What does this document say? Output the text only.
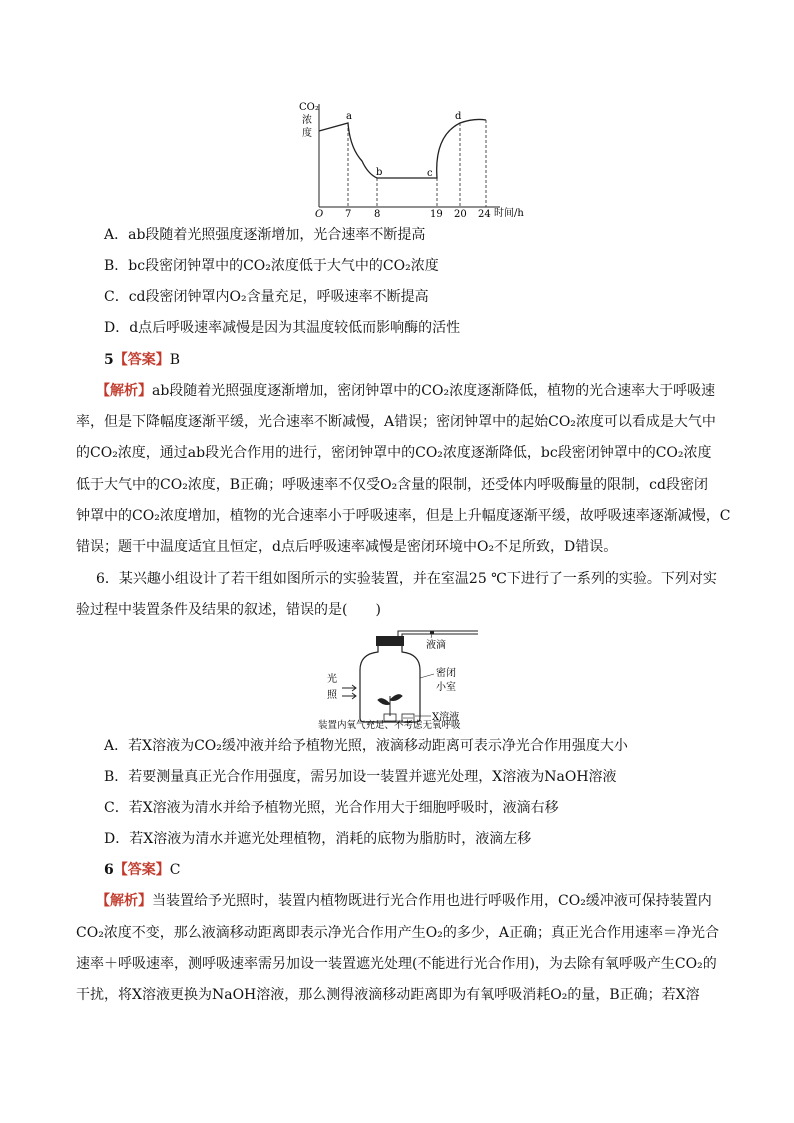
CO₂
浓
度
a
b	c
d
O 7 8	19 20 24 时间/h
A．ab段随着光照强度逐渐增加，光合速率不断提高
B．bc段密闭钟罩中的CO₂浓度低于大气中的CO₂浓度
C．cd段密闭钟罩内O₂含量充足，呼吸速率不断提高
D．d点后呼吸速率减慢是因为其温度较低而影响酶的活性
5【答案】B
【解析】ab段随着光照强度逐渐增加，密闭钟罩中的CO₂浓度逐渐降低，植物的光合速率大于呼吸速
率，但是下降幅度逐渐平缓，光合速率不断减慢，A错误；密闭钟罩中的起始CO₂浓度可以看成是大气中
的CO₂浓度，通过ab段光合作用的进行，密闭钟罩中的CO₂浓度逐渐降低，bc段密闭钟罩中的CO₂浓度
低于大气中的CO₂浓度，B正确；呼吸速率不仅受O₂含量的限制，还受体内呼吸酶量的限制，cd段密闭
钟罩中的CO₂浓度增加，植物的光合速率小于呼吸速率，但是上升幅度逐渐平缓，故呼吸速率逐渐减慢，C
错误；题干中温度适宜且恒定，d点后呼吸速率减慢是密闭环境中O₂不足所致，D错误。
6．某兴趣小组设计了若干组如图所示的实验装置，并在室温25 ℃下进行了一系列的实验。下列对实
验过程中装置条件及结果的叙述，错误的是(　　)
液滴
密闭
小室
光
照
X溶液
装置内氧气充足、不考虑无氧呼吸
A．若X溶液为CO₂缓冲液并给予植物光照，液滴移动距离可表示净光合作用强度大小
B．若要测量真正光合作用强度，需另加设一装置并遮光处理，X溶液为NaOH溶液
C．若X溶液为清水并给予植物光照，光合作用大于细胞呼吸时，液滴右移
D．若X溶液为清水并遮光处理植物，消耗的底物为脂肪时，液滴左移
6【答案】C
【解析】当装置给予光照时，装置内植物既进行光合作用也进行呼吸作用，CO₂缓冲液可保持装置内
CO₂浓度不变，那么液滴移动距离即表示净光合作用产生O₂的多少，A正确；真正光合作用速率＝净光合
速率＋呼吸速率，测呼吸速率需另加设一装置遮光处理(不能进行光合作用)，为去除有氧呼吸产生CO₂的
干扰，将X溶液更换为NaOH溶液，那么测得液滴移动距离即为有氧呼吸消耗O₂的量，B正确；若X溶
